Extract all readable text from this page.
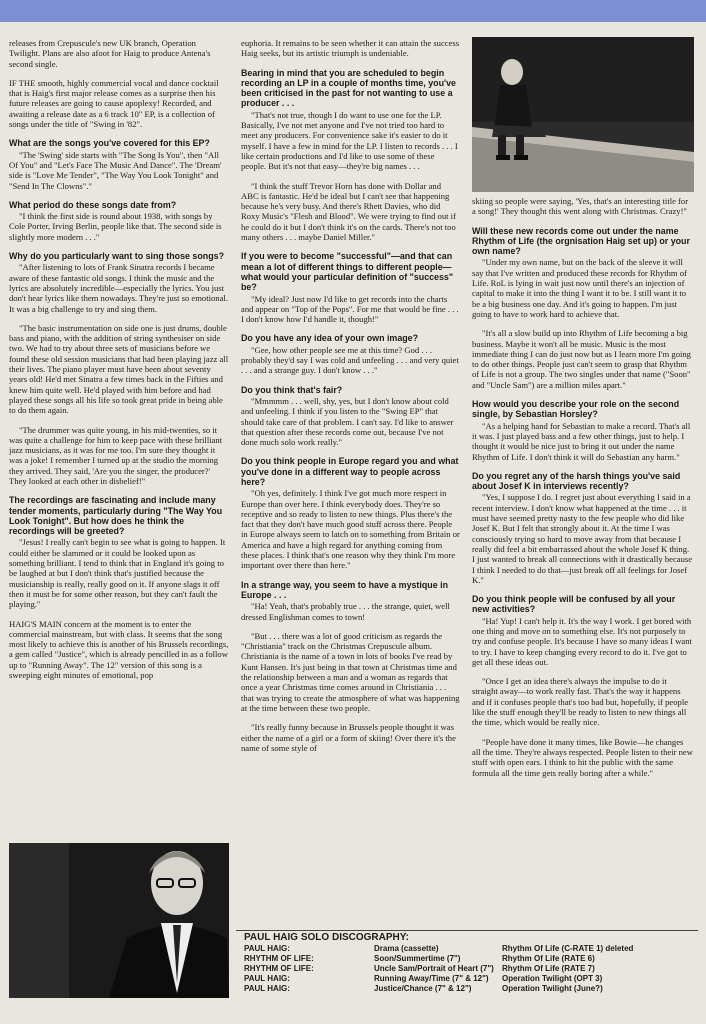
releases from Crepuscule's new UK branch, Operation Twilight. Plans are also afoot for Haig to produce Antena's second single.

IF THE smooth, highly commercial vocal and dance cocktail that is Haig's first major release comes as a surprise then his future releases are going to cause apoplexy! Recorded, and awaiting a release date as a 6 track 10" EP, is a collection of songs under the title of "Swing in '82".

What are the songs you've covered for this EP?

"The 'Swing' side starts with "The Song Is You", then "All Of You" and "Let's Face The Music And Dance". The 'Dream' side is "Love Me Tender", "The Way You Look Tonight" and "Send In The Clowns"."

What period do these songs date from?

"I think the first side is round about 1938, with songs by Cole Porter, Irving Berlin, people like that. The second side is slightly more modern . . ."

Why do you particularly want to sing those songs?

"After listening to lots of Frank Sinatra records I became aware of these fantastic old songs. I think the music and the lyrics are absolutely incredible—especially the lyrics. You just don't hear lyrics like them nowadays. They're just so emotional. It was a big challenge to try and sing them.

"The basic instrumentation on side one is just drums, double bass and piano, with the addition of string synthesiser on side two. We had to try about three sets of musicians before we found these old session musicians that had been playing jazz all their lives. The piano player must have been about seventy years old! He'd met Sinatra a few times back in the Fifties and knew him quite well. He'd played with him before and had played these songs all his life so took great pride in being able to do them again.

"The drummer was quite young, in his mid-twenties, so it was quite a challenge for him to keep pace with these brilliant jazz musicians, as it was for me too. I'm sure they thought it was a joke! I remember I turned up at the studio the morning they arrived. They said, 'Are you the singer, the producer?' They looked at each other in disbelief!"

The recordings are fascinating and include many tender moments, particularly during "The Way You Look Tonight". But how does he think the recordings will be greeted?

"Jesus! I really can't begin to see what is going to happen. It could either be slammed or it could be looked upon as something brilliant. I tend to think that in England it's going to be laughed at but I don't think that's justified because the musicianship is really, really good on it. If anyone slags it off then it must be for some other reason, but they can't fault the playing."

HAIG'S MAIN concern at the moment is to enter the commercial mainstream, but with class. It seems that the song most likely to achieve this is another of his Brussels recordings, a gem called "Justice", which is already pencilled in as a follow up to "Running Away". The 12" version of this song is a sweeping eight minutes of emotional, pop

euphoria. It remains to be seen whether it can attain the success Haig seeks, but its artistic triumph is undeniable.

Bearing in mind that you are scheduled to begin recording an LP in a couple of months time, you've been criticised in the past for not wanting to use a producer . . .

"That's not true, though I do want to use one for the LP. Basically, I've not met anyone and I've not tried too hard to meet any producers. For convenience sake it's easier to do it myself. I have a few in mind for the LP. I listen to records . . . I like certain productions and I'd like to use some of these people. But it's not that easy—they're big names . . .

"I think the stuff Trevor Horn has done with Dollar and ABC is fantastic. He'd be ideal but I can't see that happening because he's very busy. And there's Rhett Davies, who did Roxy Music's "Flesh and Blood". We were trying to find out if he could do it but I don't think it's on the cards. There's not too many others . . . maybe Daniel Miller."

If you were to become "successful"—and that can mean a lot of different things to different people—what would your particular definition of "success" be?

"My ideal? Just now I'd like to get records into the charts and appear on "Top of the Pops". For me that would be fine . . . I don't know how I'd handle it, though!"

Do you have any idea of your own image?

"Gee, how other people see me at this time? God . . . probably they'd say I was cold and unfeeling . . . and very quiet . . . and a strange guy. I don't know . . ."

Do you think that's fair?

"Mmmmm . . . well, shy, yes, but I don't know about cold and unfeeling. I think if you listen to the "Swing EP" that should take care of that problem. I can't say. I'd like to answer that question after these records come out, because I've not done much solo work really."

Do you think people in Europe regard you and what you've done in a different way to people across here?

"Oh yes, definitely. I think I've got much more respect in Europe than over here. I think everybody does. They're so receptive and so ready to listen to new things. Plus there's the fact that they don't have much good stuff across there. People in Europe always seem to latch on to something from Britain or America and have a high regard for anything coming from these places. I think that's one reason why they think I'm more important over there than here."

In a strange way, you seem to have a mystique in Europe . . .

"Ha! Yeah, that's probably true . . . the strange, quiet, well dressed Englishman comes to town!

"But . . . there was a lot of good criticism as regards the "Christiania" track on the Christmas Crepuscule album. Christiania is the name of a town in lots of books I've read by Kunt Hansen. It's just being in that town at Christmas time and the relationship between a man and a woman as regards that once a year Christmas time comes around in Christiania . . . that was trying to create the atmosphere of what was happening at the time between these two people.

"It's really funny because in Brussels people thought it was either the name of a girl or a form of skiing! Over there it's the name of some style of

skiing so people were saying, 'Yes, that's an interesting title for a song!' They thought this went along with Christmas. Crazy!"

Will these new records come out under the name Rhythm of Life (the orgnisation Haig set up) or your own name?

"Under my own name, but on the back of the sleeve it will say that I've written and produced these records for Rhythm of Life. RoL is lying in wait just now until there's an injection of capital to make it into the thing I want it to be. I still want it to be a big business one day. And it's going to happen. I'm just going to have to work hard to achieve that.

"It's all a slow build up into Rhythm of Life becoming a big business. Maybe it won't all be music. Music is the most immediate thing I can do just now but as I learn more I'm going to do other things. People just can't seem to grasp that Rhythm of Life is not a group. The two singles under that name ("Soon" and "Uncle Sam") are a million miles apart."

How would you describe your role on the second single, by Sebastian Horsley?

"As a helping hand for Sebastian to make a record. That's all it was. I just played bass and a few other things, just to help. I thought it would be nice just to bring it out under the name Rhythm of Life. I don't think it will do Sebastian any harm."

Do you regret any of the harsh things you've said about Josef K in interviews recently?

"Yes, I suppose I do. I regret just about everything I said in a recent interview. I don't know what happened at the time . . . it must have seemed pretty nasty to the few people who did like Josef K. But I felt that strongly about it. At the time I was consciously trying so hard to move away from that because I really did feel a bit embarrassed about the whole Josef K thing. I just wanted to break all connections with it drastically because I think I needed to do that—just break off all feelings for Josef K."

Do you think people will be confused by all your new activities?

"Ha! Yup! I can't help it. It's the way I work. I get bored with one thing and move on to something else. It's not purposely to try and confuse people. It's because I have so many ideas I want to try. I have to keep changing every record to do it. I've got to get all these ideas out.

"Once I get an idea there's always the impulse to do it straight away—to work really fast. That's the way it happens and if it confuses people that's too bad but, hopefully, if people like the stuff enough they'll be ready to listen to new things all the time, which would be really nice.

"People have done it many times, like Bowie—he changes all the time. They're always respected. People listen to their new stuff with open ears. I think to hit the public with the same formula all the time gets really boring after a while."

PAUL HAIG SOLO DISCOGRAPHY:
PAUL HAIG:
RHYTHM OF LIFE:
RHYTHM OF LIFE:
PAUL HAIG:
PAUL HAIG:
Drama (cassette)
Soon/Summertime (7")
Uncle Sam/Portrait of Heart (7")
Running Away/Time (7" & 12")
Justice/Chance (7" & 12")
Rhythm Of Life (C-RATE 1) deleted
Rhythm Of Life (RATE 6)
Rhythm Of Life (RATE 7)
Operation Twilight (OPT 3)
Operation Twilight (June?)
